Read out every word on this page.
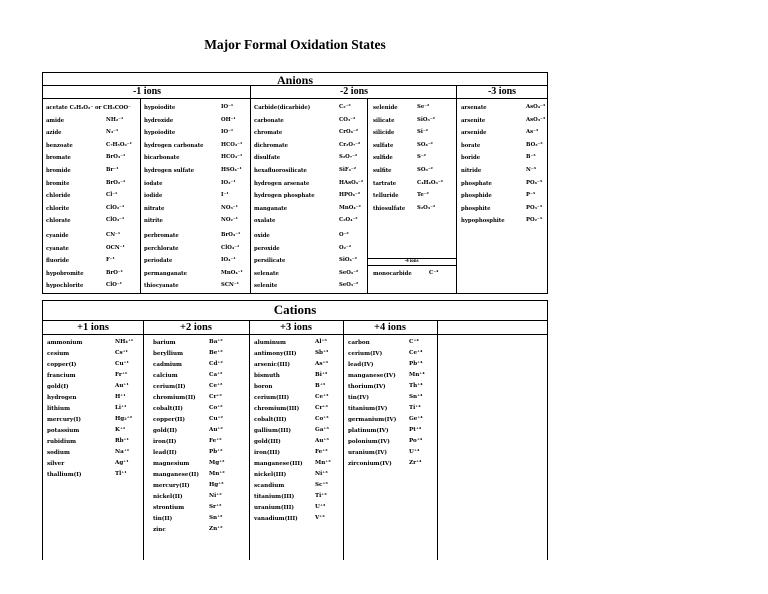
Major Formal Oxidation States
Anions
-1 ions	-2 ions	-3 ions
-4 ions
monocarbide	C⁻⁴
acetate C₂H₃O₂⁻ or CH₃COO⁻
amide	NH₂⁻¹
azide	N₃⁻¹
benzoate	C₇H₅O₂⁻¹
bromate	BrO₃⁻¹
bromide	Br⁻¹
bromite	BrO₂⁻¹
chloride	Cl⁻¹
chlorite	ClO₂⁻¹
chlorate	ClO₃⁻¹
cyanide	CN⁻¹
cyanate	OCN⁻¹
fluoride	F⁻¹
hypobromite	BrO⁻¹
hypochlorite	ClO⁻¹
hypoiodite	IO⁻¹
hydroxide	OH⁻¹
hypoiodite	IO⁻¹
hydrogen carbonate	HCO₃⁻¹
bicarbonate	HCO₃⁻¹
hydrogen sulfate	HSO₄⁻¹
iodate	IO₃⁻¹
iodide	I⁻¹
nitrate	NO₃⁻¹
nitrite	NO₂⁻¹
perbromate	BrO₄⁻¹
perchlorate	ClO₄⁻¹
periodate	IO₄⁻¹
permanganate	MnO₄⁻¹
thiocyanate	SCN⁻¹
Carbide(dicarbide)	C₂⁻²
carbonate	CO₃⁻²
chromate	CrO₄⁻²
dichromate	Cr₂O₇⁻²
disulfate	S₂O₇⁻²
hexafluorosilicate	SiF₆⁻²
hydrogen arsenate	HAsO₄⁻²
hydrogen phosphate	HPO₄⁻²
manganate	MnO₄⁻²
oxalate	C₂O₄⁻²
oxide	O⁻²
peroxide	O₂⁻²
persilicate	SiO₄⁻²
selenate	SeO₄⁻²
selenite	SeO₃⁻²
selenide	Se⁻²
silicate	SiO₃⁻²
silicide	Si⁻²
sulfate	SO₄⁻²
sulfide	S⁻²
sulfite	SO₃⁻²
tartrate	C₄H₄O₆⁻²
telluride	Te⁻²
thiosulfate S₂O₃⁻²
arsenate	AsO₄⁻³
arsenite	AsO₃⁻³
arsenide	As⁻³
borate	BO₃⁻³
boride	B⁻³
nitride	N⁻³
phosphate	PO₄⁻³
phosphide	P⁻³
phosphite	PO₃⁻³
hypophosphite	PO₂⁻³
Cations
+1 ions	+2 ions	+3 ions	+4 ions
ammonium	NH₄⁺¹
cesium	Cs⁺¹
copper(I)	Cu⁺¹
francium	Fr⁺¹
gold(I)	Au⁺¹
hydrogen	H⁺¹
lithium	Li⁺¹
mercury(I)	Hg₂⁺²
potassium	K⁺¹
rubidium	Rb⁺¹
sodium	Na⁺¹
silver	Ag⁺¹
thallium(I)	Tl⁺¹
barium	Ba⁺²
beryllium	Be⁺²
cadmium	Cd⁺²
calcium	Ca⁺²
cerium(II)	Ce⁺²
chromium(II) Cr⁺²
cobalt(II)	Co⁺²
copper(II)	Cu⁺²
gold(II)	Au⁺²
iron(II)	Fe⁺²
lead(II)	Pb⁺²
magnesium	Mg⁺²
manganese(II) Mn⁺²
mercury(II)	Hg⁺²
nickel(II)	Ni⁺²
strontium	Sr⁺²
tin(II)	Sn⁺²
zinc	Zn⁺²
aluminum	Al⁺³
antimony(III)	Sb⁺³
arsenic(III)	As⁺³
bismuth	Bi⁺³
boron	B⁺³
cerium(III)	Ce⁺³
chromium(III)	Cr⁺³
cobalt(III)	Co⁺³
gallium(III)	Ga⁺³
gold(III)	Au⁺³
iron(III)	Fe⁺³
manganese(III) Mn⁺³
nickel(III)	Ni⁺³
scandium	Sc⁺³
titanium(III)	Ti⁺³
uranium(III)	U⁺³
vanadium(III)	V⁺³
carbon	C⁺⁴
cerium(IV)	Ce⁺⁴
lead(IV)	Pb⁺⁴
manganese(IV) Mn⁺⁴
thorium(IV)	Th⁺⁴
tin(IV)	Sn⁺⁴
titanium(IV)	Ti⁺⁴
germanium(IV) Ge⁺⁴
platinum(IV)	Pt⁺⁴
polonium(IV)	Po⁺⁴
uranium(IV)	U⁺⁴
zirconium(IV)	Zr⁺⁴
